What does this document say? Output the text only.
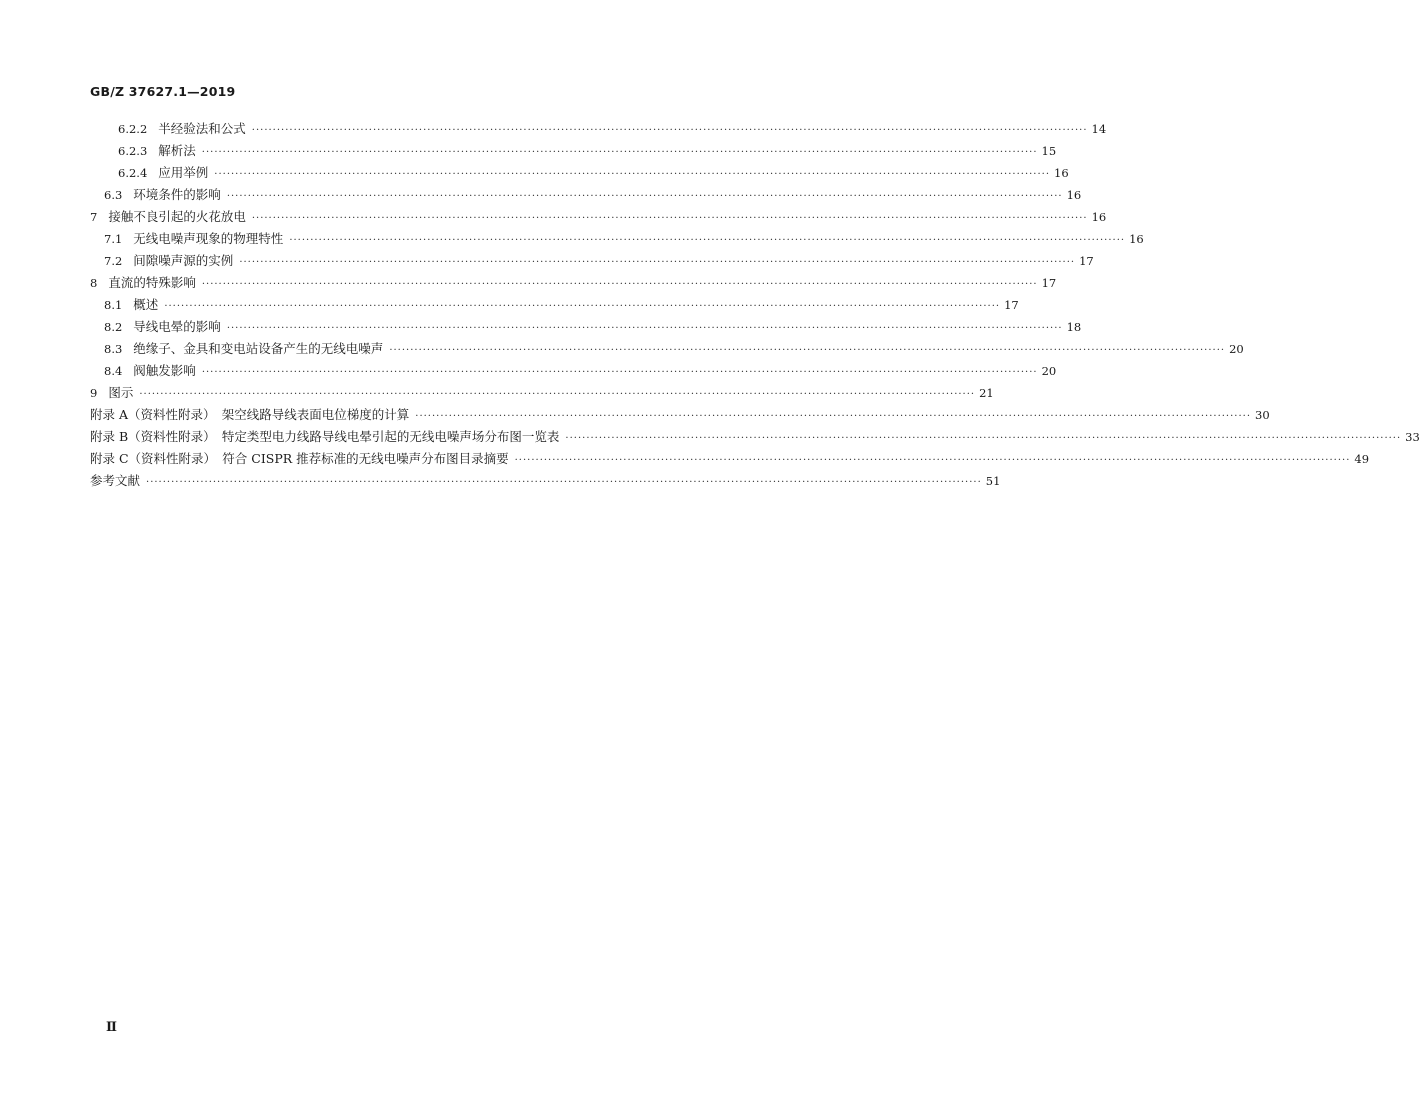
GB/Z 37627.1—2019
6.2.2 半经验法和公式 ········································································································································································································ 14
6.2.3 解析法 ········································································································································································································ 15
6.2.4 应用举例 ········································································································································································································ 16
6.3 环境条件的影响 ········································································································································································································ 16
7 接触不良引起的火花放电 ········································································································································································································ 16
7.1 无线电噪声现象的物理特性 ········································································································································································································ 16
7.2 间隙噪声源的实例 ········································································································································································································ 17
8 直流的特殊影响 ········································································································································································································ 17
8.1 概述 ········································································································································································································ 17
8.2 导线电晕的影响 ········································································································································································································ 18
8.3 绝缘子、金具和变电站设备产生的无线电噪声 ········································································································································································································ 20
8.4 阀触发影响 ········································································································································································································ 20
9 图示 ········································································································································································································ 21
附录 A（资料性附录）　架空线路导线表面电位梯度的计算 ········································································································································································································ 30
附录 B（资料性附录）　特定类型电力线路导线电晕引起的无线电噪声场分布图一览表 ········································································································································································································ 33
附录 C（资料性附录）　符合 CISPR 推荐标准的无线电噪声分布图目录摘要 ········································································································································································································ 49
参考文献 ········································································································································································································ 51
Ⅱ
